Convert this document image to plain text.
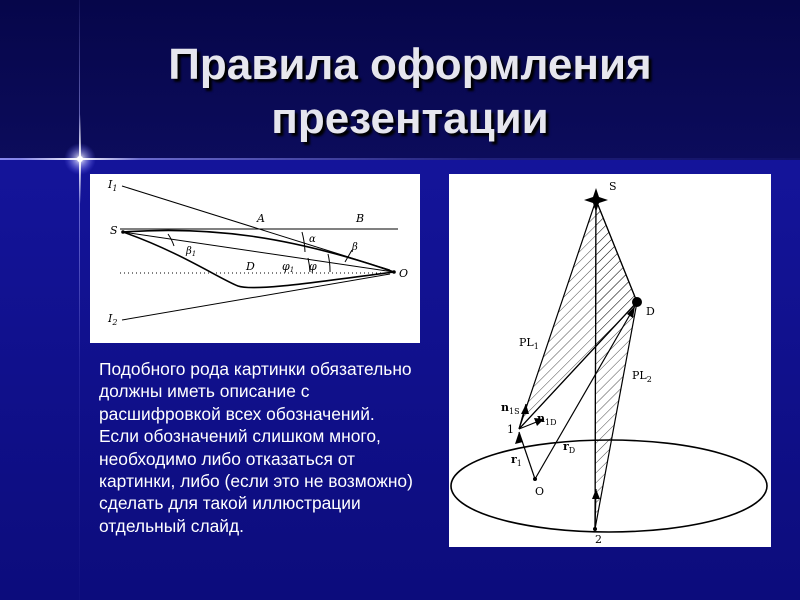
Правила оформления
презентации
$I_1$
$I_2$
S
A	B
α
β
$\beta_1$
D φ1 φ
O
S
D
$PL_1$
$PL_2$
$n_{1S}$
$n_{1D}$
1
$r_1$
$r_D$
O
2
Подобного рода картинки обязательно должны иметь описание с расшифровкой всех обозначений. Если обозначений слишком много, необходимо либо отказаться от картинки, либо (если это не возможно) сделать для такой иллюстрации отдельный слайд.
